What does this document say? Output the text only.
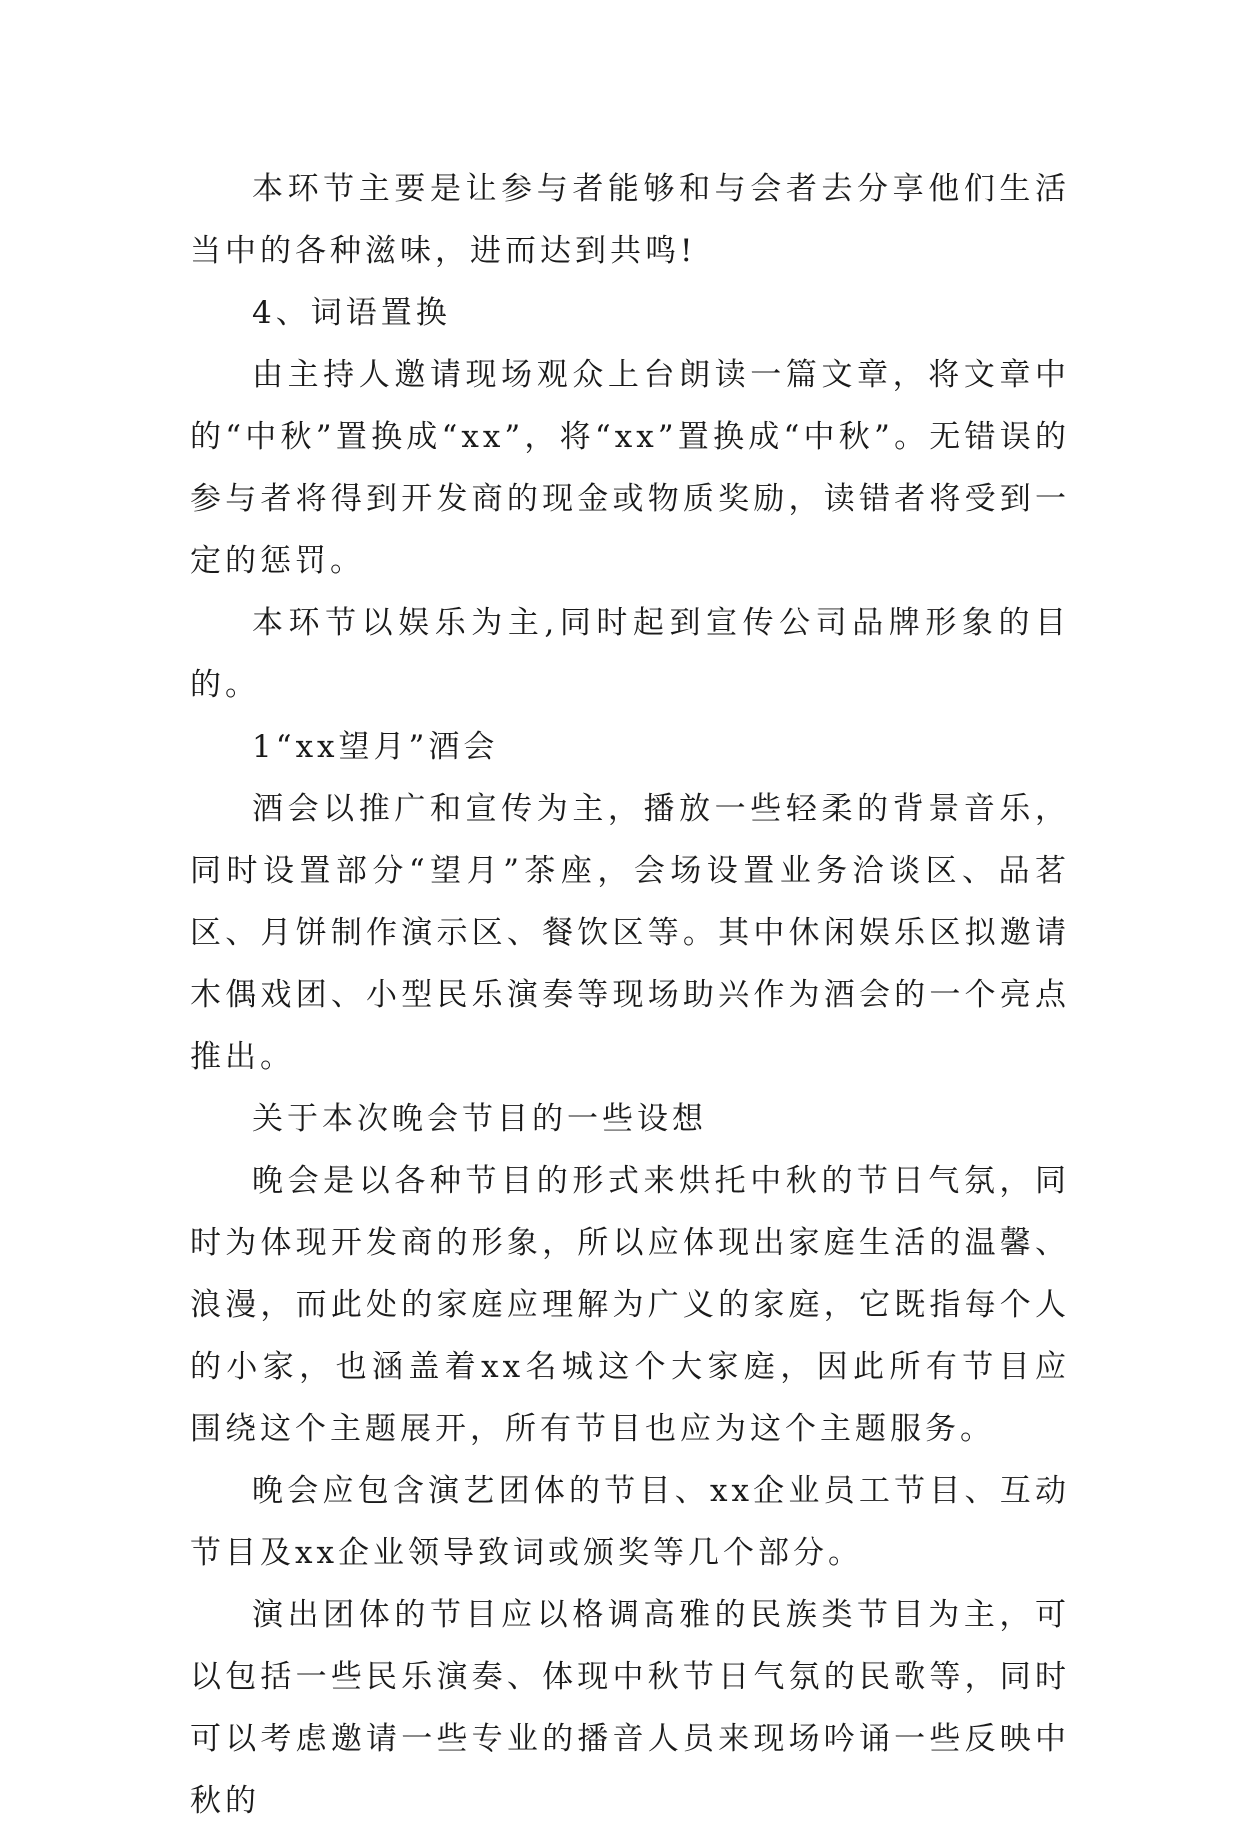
本环节主要是让参与者能够和与会者去分享他们生活当中的各种滋味，进而达到共鸣!

4、词语置换

由主持人邀请现场观众上台朗读一篇文章，将文章中的“中秋”置换成“xx”，将“xx”置换成“中秋”。无错误的参与者将得到开发商的现金或物质奖励，读错者将受到一定的惩罚。

本环节以娱乐为主,同时起到宣传公司品牌形象的目的。

1“xx望月”酒会

酒会以推广和宣传为主，播放一些轻柔的背景音乐，同时设置部分“望月”茶座，会场设置业务洽谈区、品茗区、月饼制作演示区、餐饮区等。其中休闲娱乐区拟邀请木偶戏团、小型民乐演奏等现场助兴作为酒会的一个亮点推出。

关于本次晚会节目的一些设想

晚会是以各种节目的形式来烘托中秋的节日气氛，同时为体现开发商的形象，所以应体现出家庭生活的温馨、浪漫，而此处的家庭应理解为广义的家庭，它既指每个人的小家，也涵盖着xx名城这个大家庭，因此所有节目应围绕这个主题展开，所有节目也应为这个主题服务。

晚会应包含演艺团体的节目、xx企业员工节目、互动节目及xx企业领导致词或颁奖等几个部分。

演出团体的节目应以格调高雅的民族类节目为主，可以包括一些民乐演奏、体现中秋节日气氛的民歌等，同时可以考虑邀请一些专业的播音人员来现场吟诵一些反映中秋的
